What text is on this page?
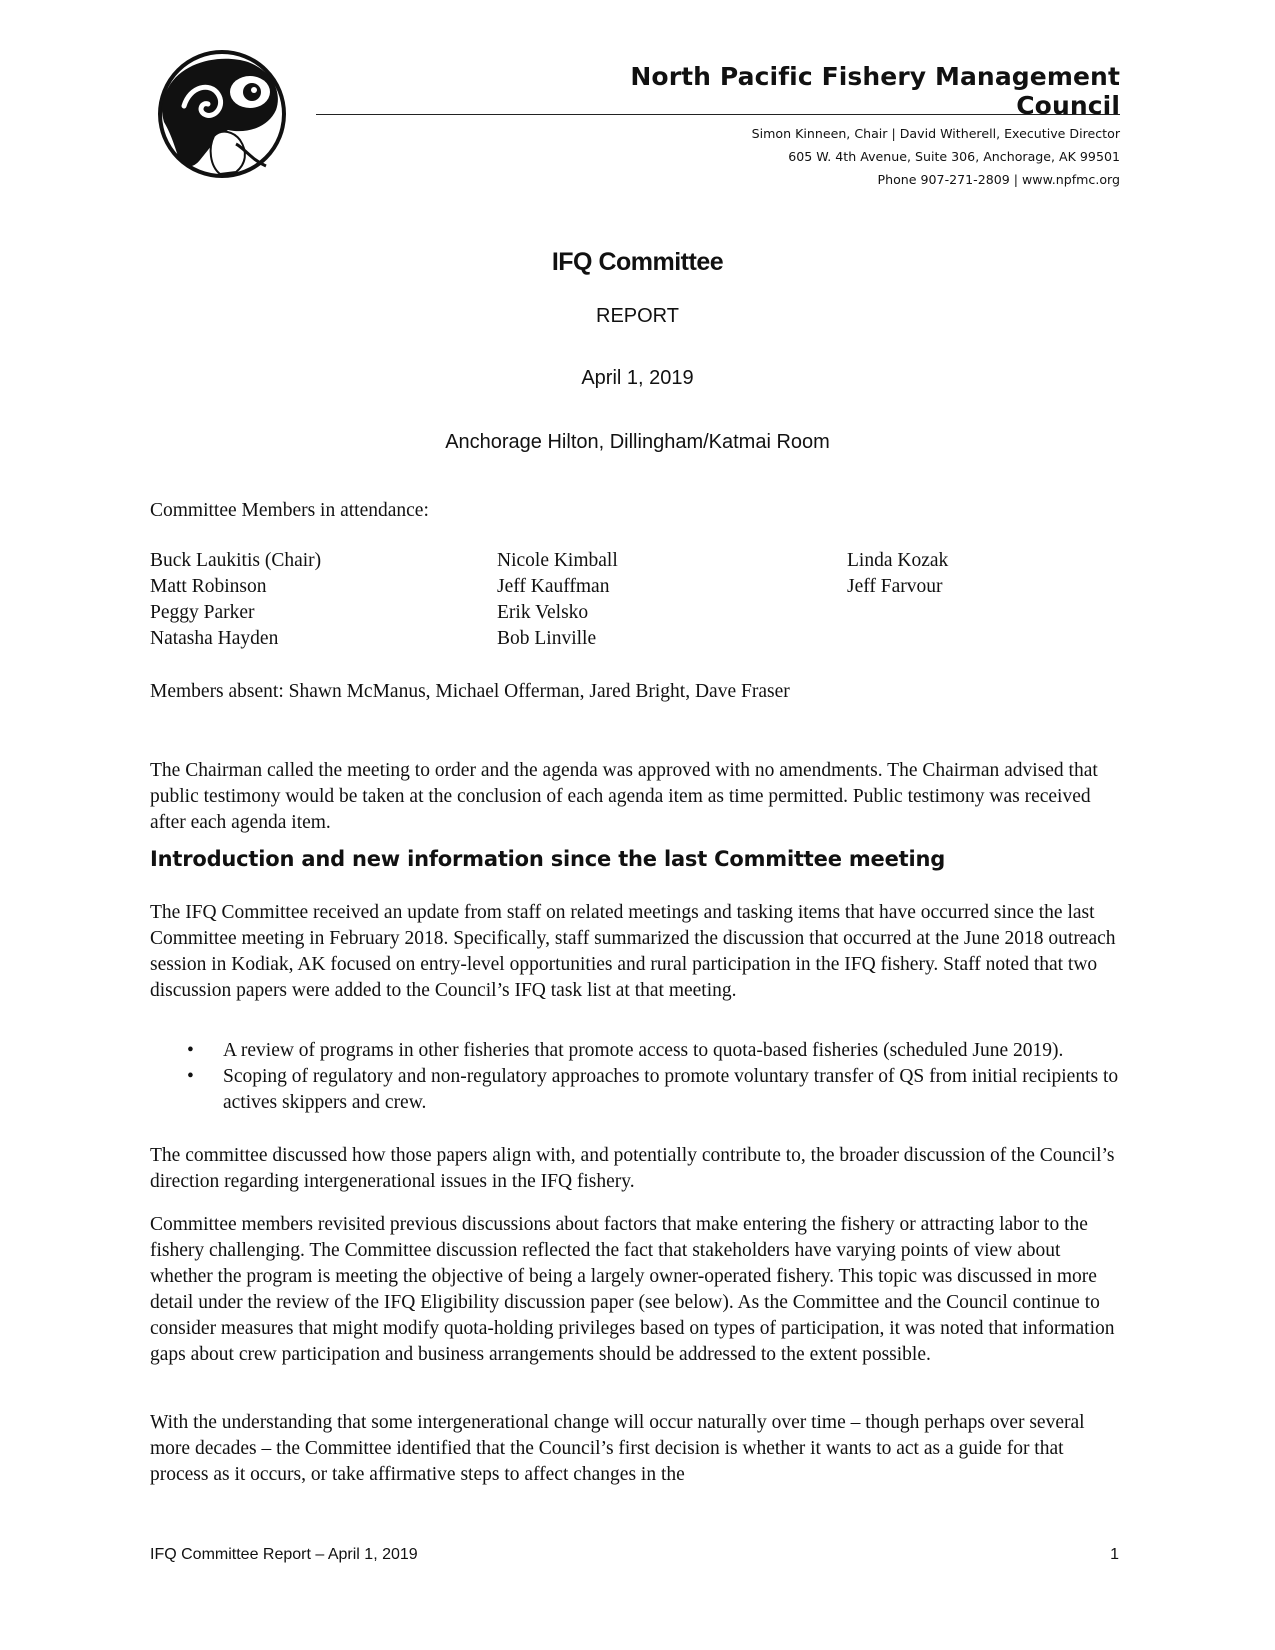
North Pacific Fishery Management Council
Simon Kinneen, Chair | David Witherell, Executive Director
605 W. 4th Avenue, Suite 306, Anchorage, AK 99501
Phone 907-271-2809 | www.npfmc.org
IFQ Committee
REPORT
April 1, 2019
Anchorage Hilton, Dillingham/Katmai Room
Committee Members in attendance:
Buck Laukitis (Chair)
Matt Robinson
Peggy Parker
Natasha Hayden
Nicole Kimball
Jeff Kauffman
Erik Velsko
Bob Linville
Linda Kozak
Jeff Farvour
Members absent: Shawn McManus, Michael Offerman, Jared Bright, Dave Fraser
The Chairman called the meeting to order and the agenda was approved with no amendments. The Chairman advised that public testimony would be taken at the conclusion of each agenda item as time permitted. Public testimony was received after each agenda item.
Introduction and new information since the last Committee meeting
The IFQ Committee received an update from staff on related meetings and tasking items that have occurred since the last Committee meeting in February 2018. Specifically, staff summarized the discussion that occurred at the June 2018 outreach session in Kodiak, AK focused on entry-level opportunities and rural participation in the IFQ fishery. Staff noted that two discussion papers were added to the Council’s IFQ task list at that meeting.
• A review of programs in other fisheries that promote access to quota-based fisheries (scheduled June 2019).
• Scoping of regulatory and non-regulatory approaches to promote voluntary transfer of QS from initial recipients to actives skippers and crew.
The committee discussed how those papers align with, and potentially contribute to, the broader discussion of the Council’s direction regarding intergenerational issues in the IFQ fishery.
Committee members revisited previous discussions about factors that make entering the fishery or attracting labor to the fishery challenging. The Committee discussion reflected the fact that stakeholders have varying points of view about whether the program is meeting the objective of being a largely owner-operated fishery. This topic was discussed in more detail under the review of the IFQ Eligibility discussion paper (see below). As the Committee and the Council continue to consider measures that might modify quota-holding privileges based on types of participation, it was noted that information gaps about crew participation and business arrangements should be addressed to the extent possible.
With the understanding that some intergenerational change will occur naturally over time – though perhaps over several more decades – the Committee identified that the Council’s first decision is whether it wants to act as a guide for that process as it occurs, or take affirmative steps to affect changes in the
IFQ Committee Report – April 1, 2019	1
